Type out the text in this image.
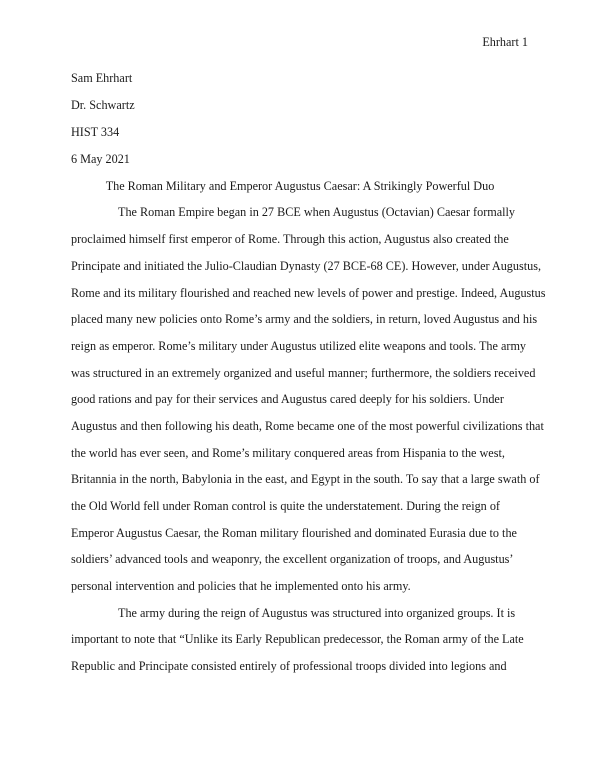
Ehrhart 1
Sam Ehrhart
Dr. Schwartz
HIST 334
6 May 2021
The Roman Military and Emperor Augustus Caesar: A Strikingly Powerful Duo
The Roman Empire began in 27 BCE when Augustus (Octavian) Caesar formally
proclaimed himself first emperor of Rome. Through this action, Augustus also created the
Principate and initiated the Julio-Claudian Dynasty (27 BCE-68 CE). However, under Augustus,
Rome and its military flourished and reached new levels of power and prestige. Indeed, Augustus
placed many new policies onto Rome’s army and the soldiers, in return, loved Augustus and his
reign as emperor. Rome’s military under Augustus utilized elite weapons and tools. The army
was structured in an extremely organized and useful manner; furthermore, the soldiers received
good rations and pay for their services and Augustus cared deeply for his soldiers. Under
Augustus and then following his death, Rome became one of the most powerful civilizations that
the world has ever seen, and Rome’s military conquered areas from Hispania to the west,
Britannia in the north, Babylonia in the east, and Egypt in the south. To say that a large swath of
the Old World fell under Roman control is quite the understatement. During the reign of
Emperor Augustus Caesar, the Roman military flourished and dominated Eurasia due to the
soldiers’ advanced tools and weaponry, the excellent organization of troops, and Augustus’
personal intervention and policies that he implemented onto his army.
The army during the reign of Augustus was structured into organized groups. It is
important to note that “Unlike its Early Republican predecessor, the Roman army of the Late
Republic and Principate consisted entirely of professional troops divided into legions and
